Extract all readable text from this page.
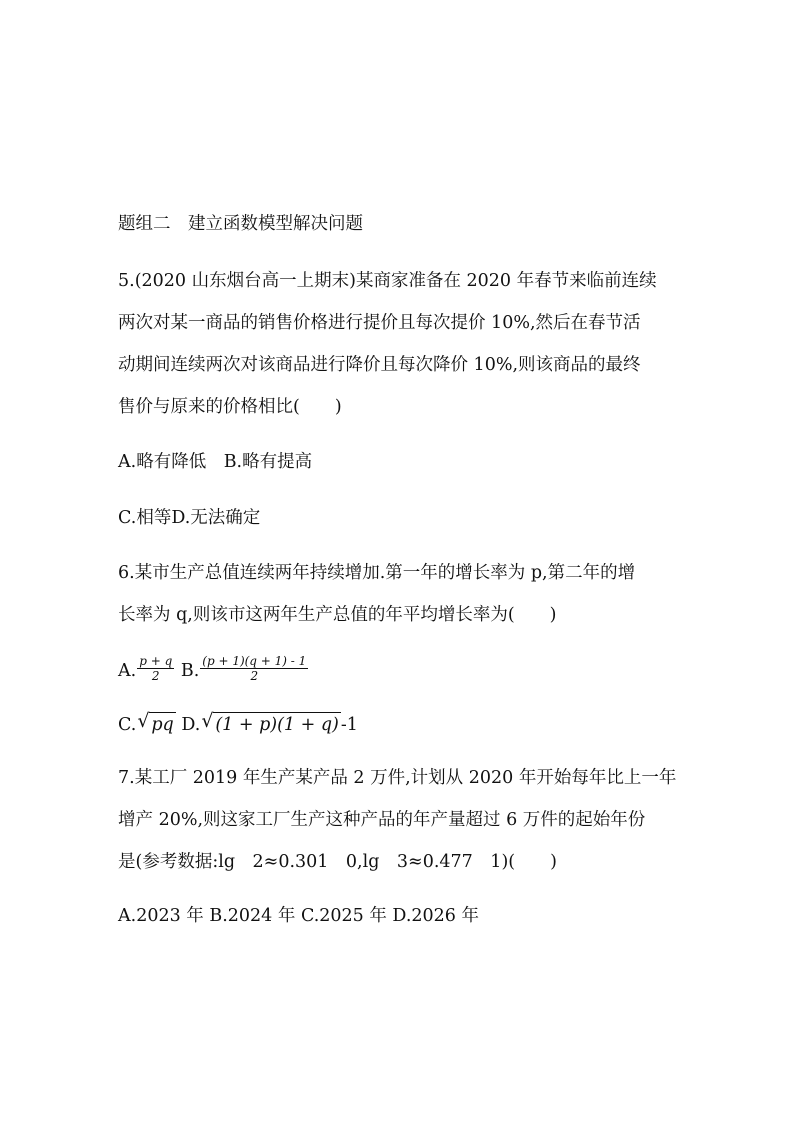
题组二　建立函数模型解决问题
5.(2020 山东烟台高一上期末)某商家准备在 2020 年春节来临前连续
两次对某一商品的销售价格进行提价且每次提价 10%,然后在春节活
动期间连续两次对该商品进行降价且每次降价 10%,则该商品的最终
售价与原来的价格相比(　　)
A.略有降低　B.略有提高
C.相等D.无法确定
6.某市生产总值连续两年持续增加.第一年的增长率为 p,第二年的增
长率为 q,则该市这两年生产总值的年平均增长率为(　　)
A. $\frac{p + q}{2} B$. $\frac{(p + 1)(q + 1) - 1}{2}$
C. √ pq D. √ (1 + p)(1 + q) -1
7.某工厂 2019 年生产某产品 2 万件,计划从 2020 年开始每年比上一年
增产 20%,则这家工厂生产这种产品的年产量超过 6 万件的起始年份
是(参考数据:lg　2≈0.301　0,lg　3≈0.477　1)(　　)
A.2023 年 B.2024 年 C.2025 年 D.2026 年
